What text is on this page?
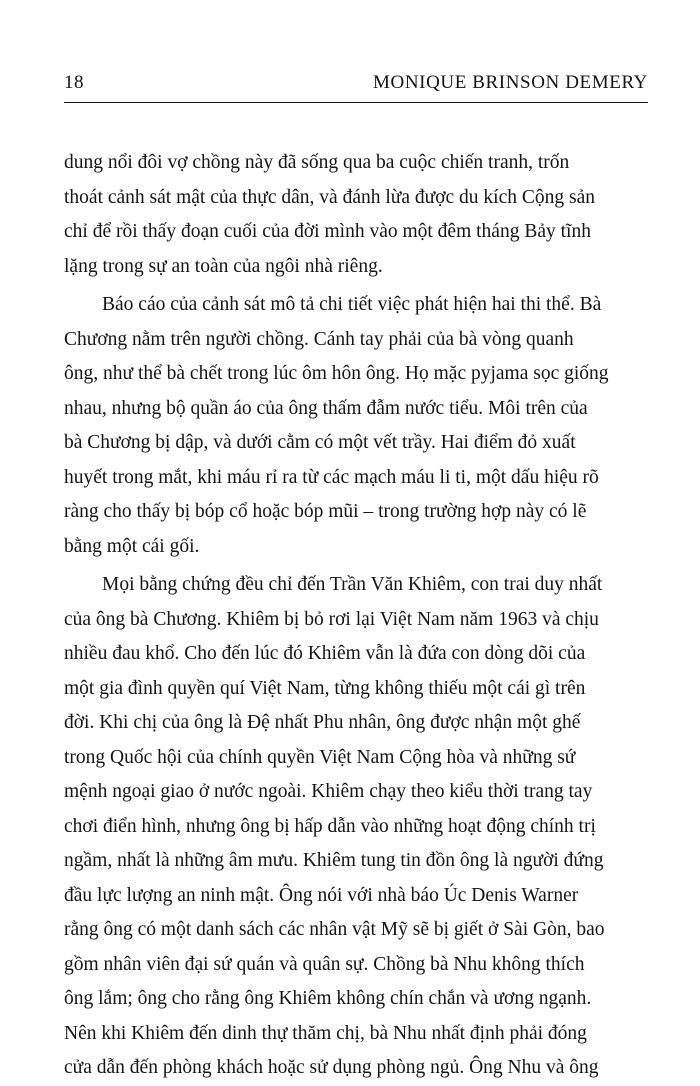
18	MONIQUE BRINSON DEMERY
dung nổi đôi vợ chồng này đã sống qua ba cuộc chiến tranh, trốn
thoát cảnh sát mật của thực dân, và đánh lừa được du kích Cộng sản
chỉ để rồi thấy đoạn cuối của đời mình vào một đêm tháng Bảy tĩnh
lặng trong sự an toàn của ngôi nhà riêng.
Báo cáo của cảnh sát mô tả chi tiết việc phát hiện hai thi thể. Bà
Chương nằm trên người chồng. Cánh tay phải của bà vòng quanh
ông, như thể bà chết trong lúc ôm hôn ông. Họ mặc pyjama sọc giống
nhau, nhưng bộ quần áo của ông thấm đẫm nước tiểu. Môi trên của
bà Chương bị dập, và dưới cằm có một vết trầy. Hai điểm đỏ xuất
huyết trong mắt, khi máu rỉ ra từ các mạch máu li ti, một dấu hiệu rõ
ràng cho thấy bị bóp cổ hoặc bóp mũi – trong trường hợp này có lẽ
bằng một cái gối.
Mọi bằng chứng đều chỉ đến Trần Văn Khiêm, con trai duy nhất
của ông bà Chương. Khiêm bị bỏ rơi lại Việt Nam năm 1963 và chịu
nhiều đau khổ. Cho đến lúc đó Khiêm vẫn là đứa con dòng dõi của
một gia đình quyền quí Việt Nam, từng không thiếu một cái gì trên
đời. Khi chị của ông là Đệ nhất Phu nhân, ông được nhận một ghế
trong Quốc hội của chính quyền Việt Nam Cộng hòa và những sứ
mệnh ngoại giao ở nước ngoài. Khiêm chạy theo kiểu thời trang tay
chơi điển hình, nhưng ông bị hấp dẫn vào những hoạt động chính trị
ngầm, nhất là những âm mưu. Khiêm tung tin đồn ông là người đứng
đầu lực lượng an ninh mật. Ông nói với nhà báo Úc Denis Warner
rằng ông có một danh sách các nhân vật Mỹ sẽ bị giết ở Sài Gòn, bao
gồm nhân viên đại sứ quán và quân sự. Chồng bà Nhu không thích
ông lắm; ông cho rằng ông Khiêm không chín chắn và ương ngạnh.
Nên khi Khiêm đến dinh thự thăm chị, bà Nhu nhất định phải đóng
cửa dẫn đến phòng khách hoặc sử dụng phòng ngủ. Ông Nhu và ông
